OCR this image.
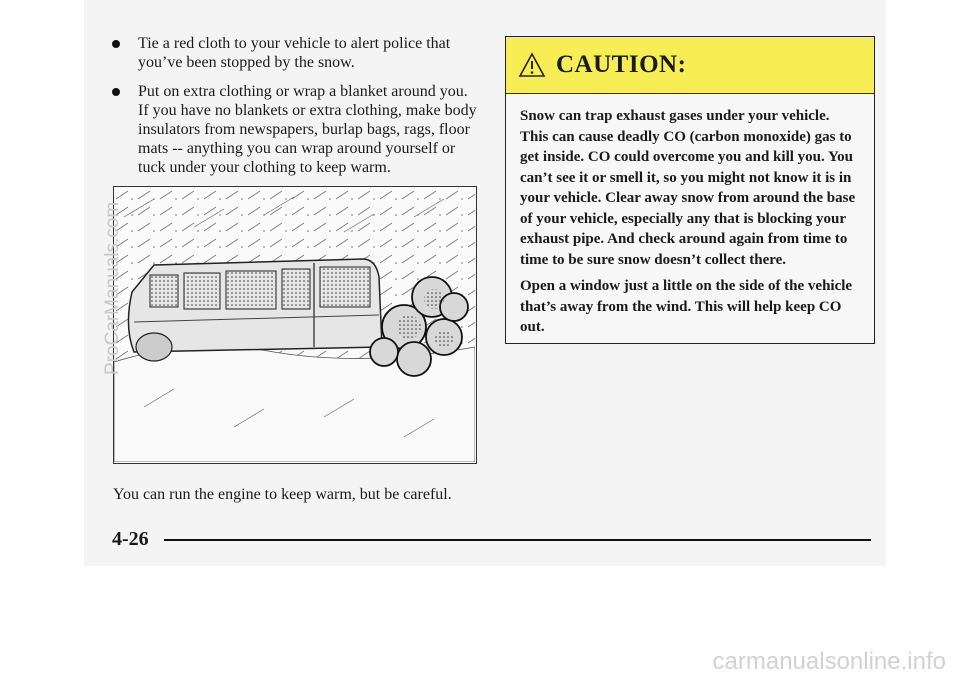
Tie a red cloth to your vehicle to alert police that you’ve been stopped by the snow.
Put on extra clothing or wrap a blanket around you. If you have no blankets or extra clothing, make body insulators from newspapers, burlap bags, rags, floor mats -- anything you can wrap around yourself or tuck under your clothing to keep warm.
You can run the engine to keep warm, but be careful.
CAUTION:

Snow can trap exhaust gases under your vehicle. This can cause deadly CO (carbon monoxide) gas to get inside. CO could overcome you and kill you. You can’t see it or smell it, so you might not know it is in your vehicle. Clear away snow from around the base of your vehicle, especially any that is blocking your exhaust pipe. And check around again from time to time to be sure snow doesn’t collect there.

Open a window just a little on the side of the vehicle that’s away from the wind. This will help keep CO out.

4-26
ProCarManuals.com
carmanualsonline.info
